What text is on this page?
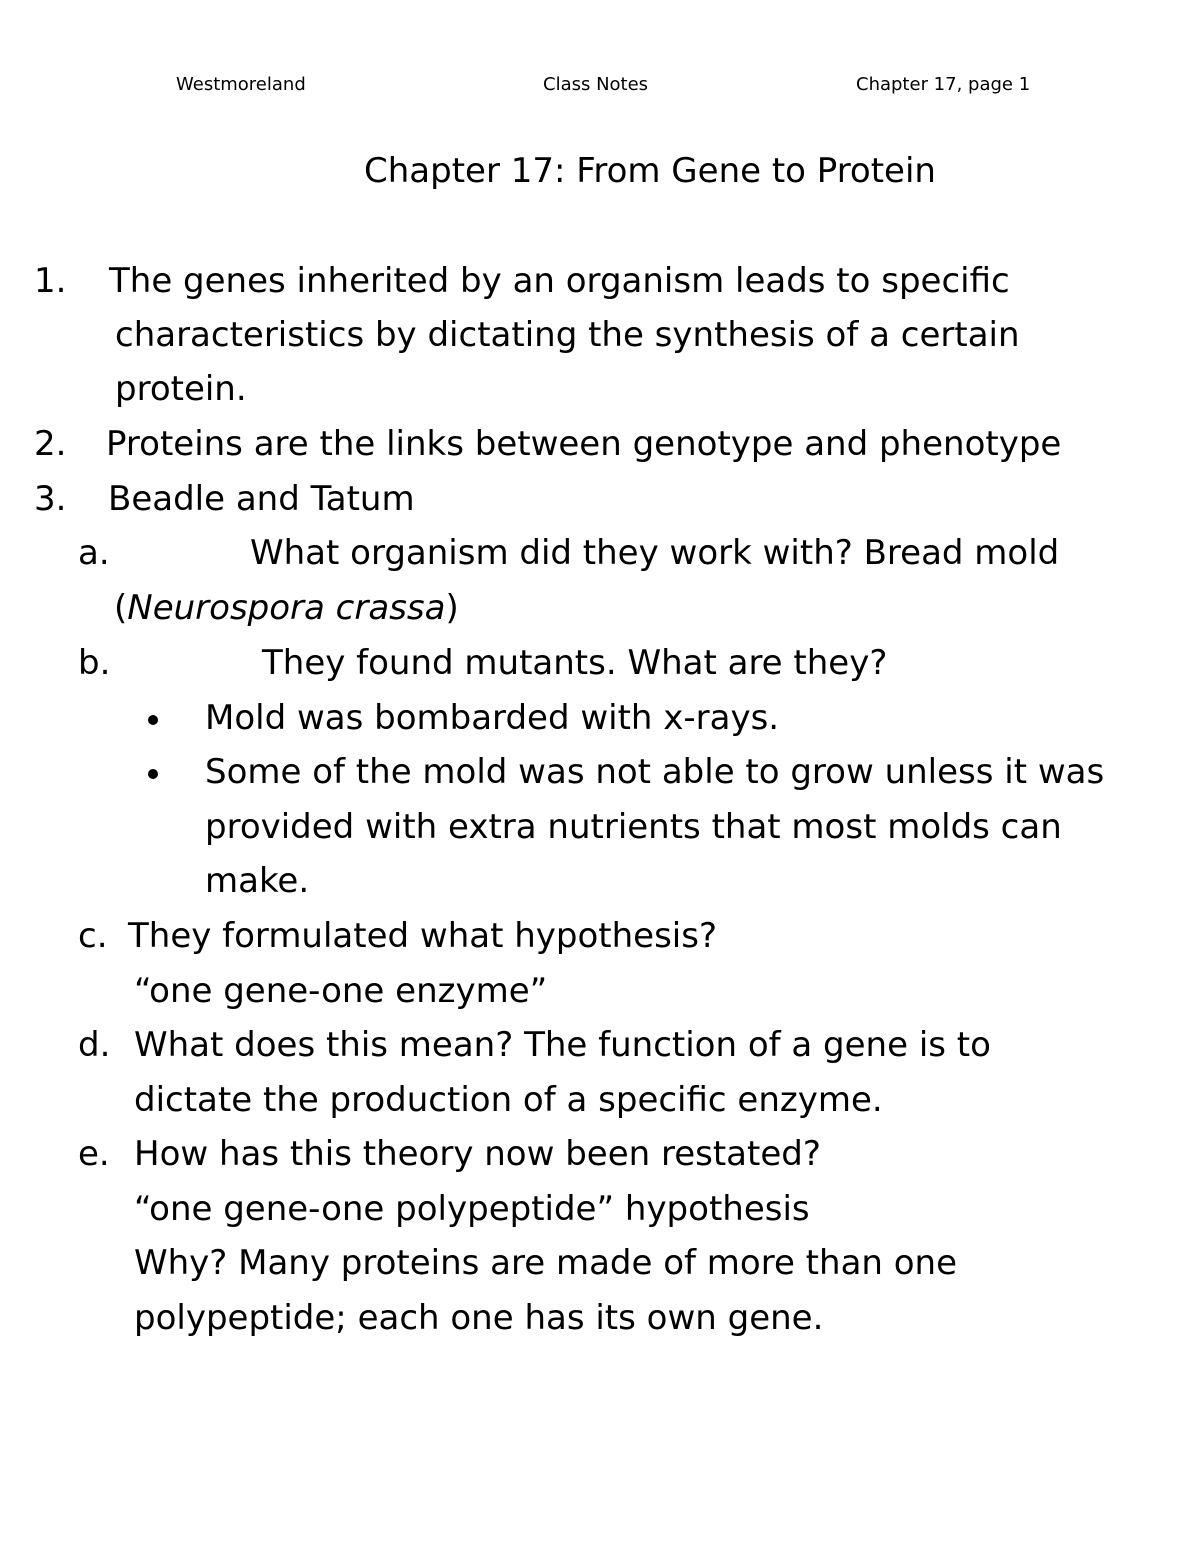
Westmoreland	Class Notes	Chapter 17, page 1
Chapter 17: From Gene to Protein
1. The genes inherited by an organism leads to specific
characteristics by dictating the synthesis of a certain
protein.
2. Proteins are the links between genotype and phenotype
3. Beadle and Tatum
a.	What organism did they work with? Bread mold
(Neurospora crassa)
b.	They found mutants. What are they?
Mold was bombarded with x-rays.
Some of the mold was not able to grow unless it was
provided with extra nutrients that most molds can
make.
c. They formulated what hypothesis?
“one gene-one enzyme”
d. What does this mean? The function of a gene is to
dictate the production of a specific enzyme.
e. How has this theory now been restated?
“one gene-one polypeptide” hypothesis
Why? Many proteins are made of more than one
polypeptide; each one has its own gene.
